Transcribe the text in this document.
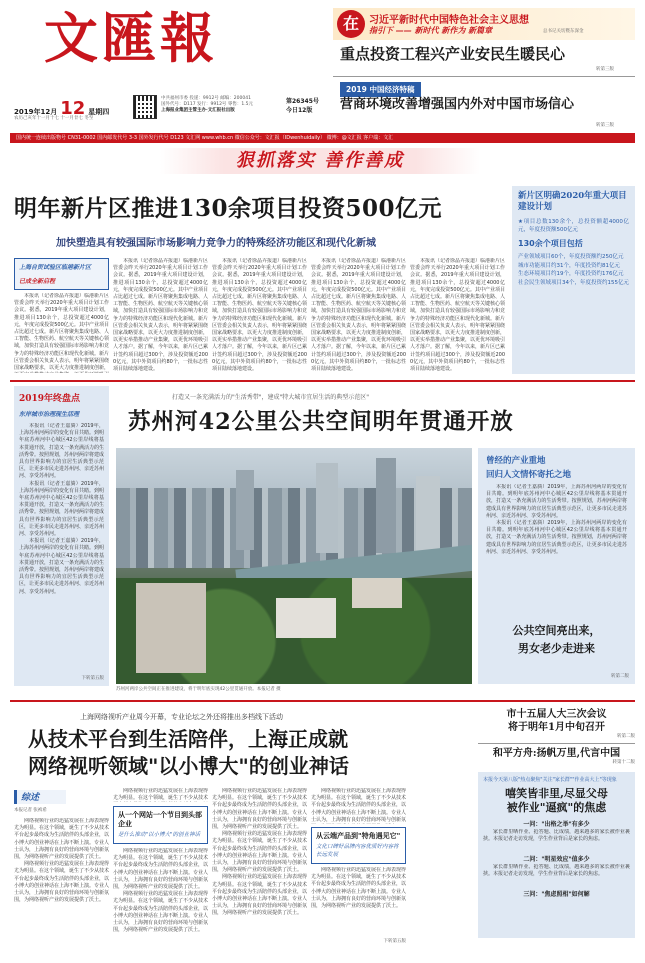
文匯報
2019年12月 12 星期四
农历己亥年十一月十七 十一月廿七 冬至
中共福州市委 投递：9912号 邮编：200041
国外代号：D117 发行：9912号 零售：1.5元
上海报业集团主管主办·文汇报社出版
第26345号
今日12版
在	习近平新时代中国特色社会主义思想
指引下 —— 新时代 新作为 新篇章	总书记关切暨东深金
重点投资工程兴产业安民生暖民心
转第三版
2019 中国经济特稿
营商环境改善增强国内外对中国市场信心
转第三版
国内统一连续出版物号 CN31-0002 国内邮发代号 3-3 国外发行代号 D123 文汇网 www.whb.cn 微信公众号：文汇报（IDwenhuidaily） 微博：@文汇报 客户端：文汇
狠抓落实 善作善成
明年新片区推进130余项目投资500亿元
加快塑造具有较强国际市场影响力竞争力的特殊经济功能区和现代化新城
上海自贸试验区临港新片区
已成全新启程

本报讯（记者徐晶卉报道）临港新片区管委会昨天举行2020年重大项目计划工作会议。据悉，2019年重大项目建设计划，推进项目130余个，总投资超过4000亿元，年度完成投资500亿元。其中产业项目占比超过七成。新片区将聚焦集成电路、人工智能、生物医药、航空航天等关键核心领域，加快打造具有较强国际市场影响力和竞争力的特殊经济功能区和现代化新城。新片区管委会相关负责人表示，明年将紧紧围绕国家战略要求，以更大力度推进制度创新，

本报讯（记者徐晶卉报道）临港新片区管委会昨天举行2020年重大项目计划工作会议。据悉，2019年重大项目建设计划，推进项目130余个，总投资超过4000亿元，年度完成投资500亿元。其中产业项目占比超过七成。新片区将聚焦集成电路、人工智能、生物医药、航空航天等关键核心领域，加快打造具有较强国际市场影响力和竞争力的特殊经济功能区和现代化新城。新片区管委会相关负责人表示，明年将紧紧围绕国家战略要求，以更大力度推进制度创新，以更实举措推动产业集聚，以更优环境吸引人才落户。据了解，今年以来，新片区已累计签约项目超过300个，涉及投资额近2000亿元，其中外资项目约80个，一批标志性项目陆续落地建设。

本报讯（记者徐晶卉报道）临港新片区管委会昨天举行2020年重大项目计划工作会议。据悉，2019年重大项目建设计划，推进项目130余个，总投资超过4000亿元，年度完成投资500亿元。其中产业项目占比超过七成。新片区将聚焦集成电路、人工智能、生物医药、航空航天等关键核心领域，加快打造具有较强国际市场影响力和竞争力的特殊经济功能区和现代化新城。新片区管委会相关负责人表示，明年将紧紧围绕国家战略要求，以更大力度推进制度创新，以更实举措推动产业集聚，以更优环境吸引人才落户。据了解，今年以来，新片区已累计签约项目超过300个，涉及投资额近2000亿元，其中外资项目约80个，一批标志性项目陆续落地建设。

本报讯（记者徐晶卉报道）临港新片区管委会昨天举行2020年重大项目计划工作会议。据悉，2019年重大项目建设计划，推进项目130余个，总投资超过4000亿元，年度完成投资500亿元。其中产业项目占比超过七成。新片区将聚焦集成电路、人工智能、生物医药、航空航天等关键核心领域，加快打造具有较强国际市场影响力和竞争力的特殊经济功能区和现代化新城。新片区管委会相关负责人表示，明年将紧紧围绕国家战略要求，以更大力度推进制度创新，以更实举措推动产业集聚，以更优环境吸引人才落户。据了解，今年以来，新片区已累计签约项目超过300个，涉及投资额近2000亿元，其中外资项目约80个，一批标志性项目陆续落地建设。

本报讯（记者徐晶卉报道）临港新片区管委会昨天举行2020年重大项目计划工作会议。据悉，2019年重大项目建设计划，推进项目130余个，总投资超过4000亿元，年度完成投资500亿元。其中产业项目占比超过七成。新片区将聚焦集成电路、人工智能、生物医药、航空航天等关键核心领域，加快打造具有较强国际市场影响力和竞争力的特殊经济功能区和现代化新城。新片区管委会相关负责人表示，明年将紧紧围绕国家战略要求，以更大力度推进制度创新，以更实举措推动产业集聚，以更优环境吸引人才落户。据了解，今年以来，新片区已累计签约项目超过300个，涉及投资额近2000亿元，其中外资项目约80个，一批标志性项目陆续落地建设。

新片区明确2020年重大项目建设计划
★项目总数130余个，总投资额超4000亿元，年度投资额500亿元
130余个项目包括
产业领域项目60个，年度投资额约250亿元
城市功能项目约31个，年度投资约81亿元
生态环境项目约19个，年度投资约176亿元
社会民生领域项目34个，年度投资约155亿元
2019年终盘点
东岸城市治理现生活理

本报讯（记者王嘉旖）2019年，上海苏州河两岸的变化有目共睹。到明年底苏州河中心城区42公里岸线将基本贯通开放，打造又一条充满活力的生活秀带。按照规划，苏州河两岸将建成具有世界影响力的宜居生活典型示范区，让更多市民走进苏州河、亲近苏州河、享受苏州河。

本报讯（记者王嘉旖）2019年，上海苏州河两岸的变化有目共睹。到明年底苏州河中心城区42公里岸线将基本贯通开放，打造又一条充满活力的生活秀带。按照规划，苏州河两岸将建成具有世界影响力的宜居生活典型示范区，让更多市民走进苏州河、亲近苏州河、享受苏州河。

本报讯（记者王嘉旖）2019年，上海苏州河两岸的变化有目共睹。到明年底苏州河中心城区42公里岸线将基本贯通开放，打造又一条充满活力的生活秀带。按照规划，苏州河两岸将建成具有世界影响力的宜居生活典型示范区，让更多市民走进苏州河、亲近苏州河、享受苏州河。

下转第五版
打造又一条充满活力的"生活秀带"，建成"特大城市宜居生活的典型示范区"
苏州河42公里公共空间明年贯通开放
苏州河两岸公共空间正在推进建设，将于明年底实现42公里贯通开放。本报记者 摄
曾经的产业重地
回归人文情怀寄托之地

本报讯（记者王嘉旖）2019年，上海苏州河两岸的变化有目共睹。到明年底苏州河中心城区42公里岸线将基本贯通开放，打造又一条充满活力的生活秀带。按照规划，苏州河两岸将建成具有世界影响力的宜居生活典型示范区，让更多市民走进苏州河、亲近苏州河、享受苏州河。

本报讯（记者王嘉旖）2019年，上海苏州河两岸的变化有目共睹。到明年底苏州河中心城区42公里岸线将基本贯通开放，打造又一条充满活力的生活秀带。按照规划，苏州河两岸将建成具有世界影响力的宜居生活典型示范区，让更多市民走进苏州河、亲近苏州河、享受苏州河。

公共空间亮出来，
男女老少走进来
转第二版
上海网络视听产业周今开幕，专业论坛之外还将推出多档线下活动
从技术平台到生活陪伴，上海正成就
网络视听领域"以小博大"的创业神话
综述
本报记者 张祯希

网络视频行业的迅猛发展在上海表现得尤为明显。在这个领域，诞生了不少从技术平台起步最终成为生活陪伴的头部企业，以小博大的创业神话在上海不断上演。专业人士认为，上海拥有良好的营商环境与创新氛围，为网络视听产业的发展提供了沃土。

网络视频行业的迅猛发展在上海表现得尤为明显。在这个领域，诞生了不少从技术平台起步最终成为生活陪伴的头部企业，以小博大的创业神话在上海不断上演。专业人士认为，上海拥有良好的营商环境与创新氛围，为网络视听产业的发展提供了沃土。

网络视频行业的迅猛发展在上海表现得尤为明显。在这个领域，诞生了不少从技术

从一个网站一个节目到头部企业
是什么推动"以小博大"的创业神话

网络视频行业的迅猛发展在上海表现得尤为明显。在这个领域，诞生了不少从技术平台起步最终成为生活陪伴的头部企业，以小博大的创业神话在上海不断上演。专业人士认为，上海拥有良好的营商环境与创新氛围，为网络视听产业的发展提供了沃土。

网络视频行业的迅猛发展在上海表现得尤为明显。在这个领域，诞生了不少从技术平台起步最终成为生活陪伴的头部企业，以小博大的创业神话在上海不断上演。专业人士认为，上海拥有良好的营商环境与创新氛围，为网络视听产业的发展提供了沃土。

网络视频行业的迅猛发展在上海表现得尤为明显。在这个领域，诞生了不少从技术平台起步最终成为生活陪伴的头部企业，以小博大的创业神话在上海不断上演。专业人士认为，上海拥有良好的营商环境与创新氛围，为网络视听产业的发展提供了沃土。

网络视频行业的迅猛发展在上海表现得尤为明显。在这个领域，诞生了不少从技术平台起步最终成为生活陪伴的头部企业，以小博大的创业神话在上海不断上演。专业人士认为，上海拥有良好的营商环境与创新氛围，为网络视听产业的发展提供了沃土。

网络视频行业的迅猛发展在上海表现得尤为明显。在这个领域，诞生了不少从技术平台起步最终成为生活陪伴的头部企业，以小博大的创业神话在上海不断上演。专业人士认为，上海拥有良好的营商环境与创新氛围，为网络视听产业的发展提供了沃土。

网络视频行业的迅猛发展在上海表现得尤为明显。在这个领域，诞生了不少从技术平台起步最终成为生活陪伴的头部企业，以小博大的创业神话在上海不断上演。专业人士认为，上海拥有良好的营商环境与创新氛

从云端产品到"特角遇见它"
文化口碑好品牌内容优质好内容将长远发展

网络视频行业的迅猛发展在上海表现得尤为明显。在这个领域，诞生了不少从技术平台起步最终成为生活陪伴的头部企业，以小博大的创业神话在上海不断上演。专业人士认为，上海拥有良好的营商环境与创新氛围，为网络视听产业的发展提供了沃土。

下转第五版
市十五届人大三次会议
将于明年1月中旬召开
转第二版
和平方舟:扬帆万里,代言中国
转第十二版
本报今天第八版"热点聚焦"关注"家长群""作业高大上"等现象
嘻笑皆非里,尽显父母
被作业"逼疯"的焦虑
一问："出格之举"有多少

家长群里晒作业、抢答题、比成绩，越来越多的家长被作业裹挟。本报记者走访发现，学生作业背后是家长的焦虑。

二问："明星效应"值多少

家长群里晒作业、抢答题、比成绩，越来越多的家长被作业裹挟。本报记者走访发现，学生作业背后是家长的焦虑。

三问："焦虑照相"如何解
